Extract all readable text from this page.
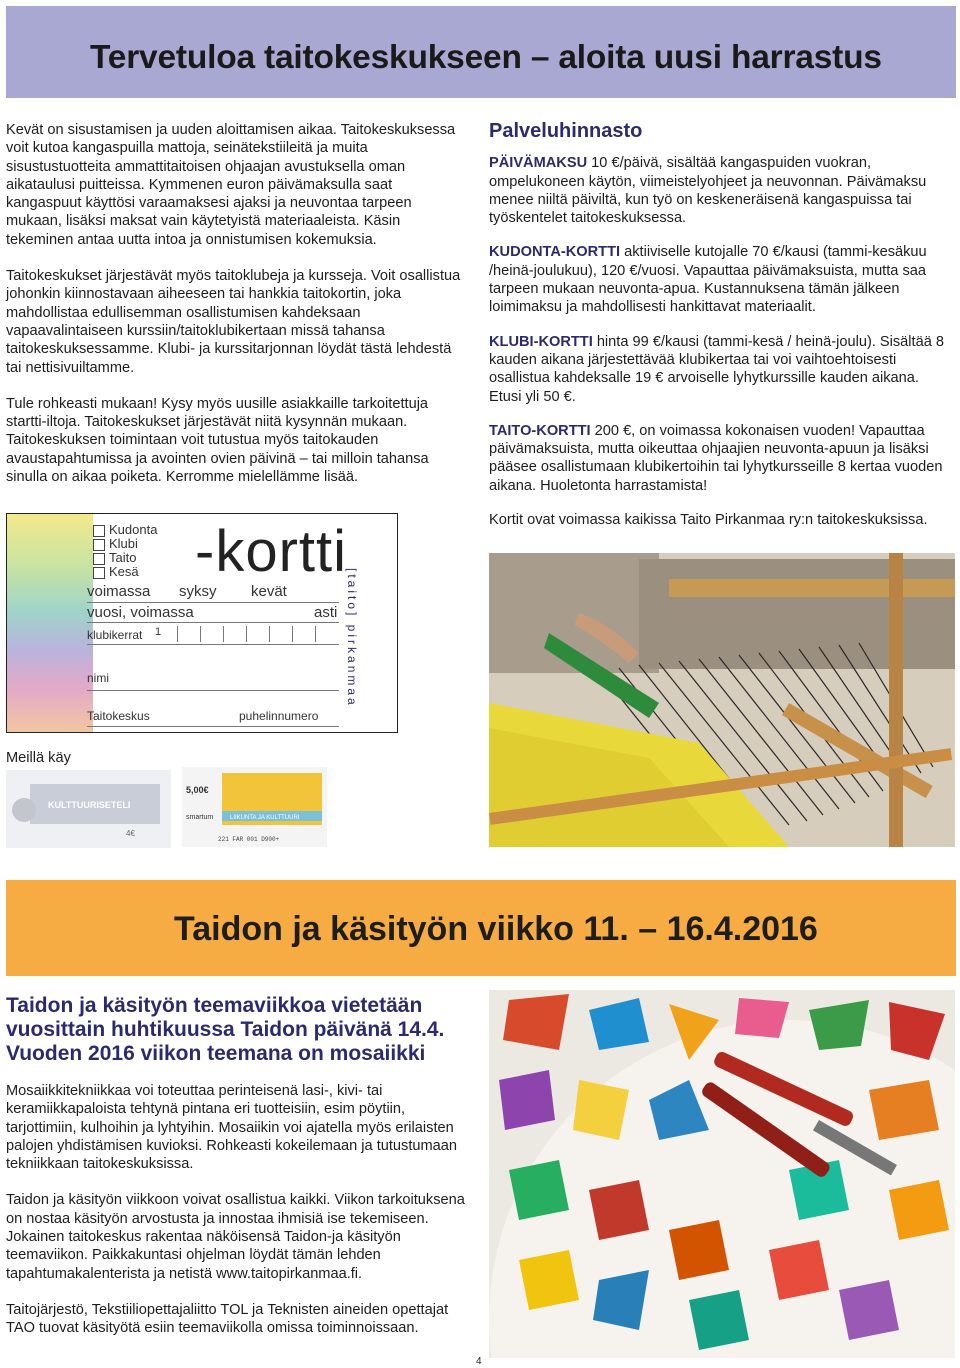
Tervetuloa taitokeskukseen – aloita uusi harrastus

Kevät on sisustamisen ja uuden aloittamisen aikaa. Taitokeskuksessa voit kutoa kangaspuilla mattoja, seinätekstiileitä ja muita sisustustuotteita ammattitaitoisen ohjaajan avustuksella oman aikataulusi puitteissa. Kymmenen euron päivämaksulla saat kangaspuut käyttösi varaamaksesi ajaksi ja neuvontaa tarpeen mukaan, lisäksi maksat vain käytetyistä materiaaleista. Käsin tekeminen antaa uutta intoa ja onnistumisen kokemuksia.

Taitokeskukset järjestävät myös taitoklubeja ja kursseja. Voit osallistua johonkin kiinnostavaan aiheeseen tai hankkia taitokortin, joka mahdollistaa edullisemman osallistumisen kahdeksaan vapaavalintaiseen kurssiin/taitoklubikertaan missä tahansa taitokeskuksessamme. Klubi- ja kurssitarjonnan löydät tästä lehdestä tai nettisivuiltamme.

Tule rohkeasti mukaan! Kysy myös uusille asiakkaille tarkoitettuja startti-iltoja. Taitokeskukset järjestävät niitä kysynnän mukaan. Taitokeskuksen toimintaan voit tutustua myös taitokauden avaustapahtumissa ja avointen ovien päivinä – tai milloin tahansa sinulla on aikaa poiketa. Kerromme mielellämme lisää.

Palveluhinnasto

PÄIVÄMAKSU 10 €/päivä, sisältää kangaspuiden vuokran, ompelukoneen käytön, viimeistelyohjeet ja neuvonnan. Päivämaksu menee niiltä päiviltä, kun työ on keskeneräisenä kangaspuissa tai työskentelet taitokeskuksessa.

KUDONTA-KORTTI aktiiviselle kutojalle 70 €/kausi (tammi-kesäkuu /heinä-joulukuu), 120 €/vuosi. Vapauttaa päivämaksuista, mutta saa tarpeen mukaan neuvonta-apua. Kustannuksena tämän jälkeen loimimaksu ja mahdollisesti hankittavat materiaalit.

KLUBI-KORTTI hinta 99 €/kausi (tammi-kesä / heinä-joulu). Sisältää 8 kauden aikana järjestettävää klubikertaa tai voi vaihtoehtoisesti osallistua kahdeksalle 19 € arvoiselle lyhytkurssille kauden aikana. Etusi yli 50 €.

TAITO-KORTTI 200 €, on voimassa kokonaisen vuoden! Vapauttaa päivämaksuista, mutta oikeuttaa ohjaajien neuvonta-apuun ja lisäksi pääsee osallistumaan klubikertoihin tai lyhytkursseille 8 kertaa vuoden aikana. Huoletonta harrastamista!

Kortit ovat voimassa kaikissa Taito Pirkanmaa ry:n taitokeskuksissa.

Kudonta
Klubi
Taito
Kesä -kortti
voimassa syksy kevät
vuosi, voimassa	asti
klubikerrat 1
nimi
Taitokeskus	puhelinnumero
[taito] pirkanmaa
Meillä käy
KULTTUURISETELI
4€
5,00€
smartum	LIIKUNTA JA KULTTUURI
221 FAR 001 D900+
Taidon ja käsityön viikko 11. – 16.4.2016
Taidon ja käsityön teemaviikkoa vietetään
vuosittain huhtikuussa Taidon päivänä 14.4.
Vuoden 2016 viikon teemana on mosaiikki

Mosaiikkitekniikkaa voi toteuttaa perinteisenä lasi-, kivi- tai keramiikkapaloista tehtynä pintana eri tuotteisiin, esim pöytiin, tarjottimiin, kulhoihin ja lyhtyihin. Mosaiikin voi ajatella myös erilaisten palojen yhdistämisen kuvioksi. Rohkeasti kokeilemaan ja tutustumaan tekniikkaan taitokeskuksissa.

Taidon ja käsityön viikkoon voivat osallistua kaikki. Viikon tarkoituksena on nostaa käsityön arvostusta ja innostaa ihmisiä ise tekemiseen. Jokainen taitokeskus rakentaa näköisensä Taidon-ja käsityön teemaviikon. Paikkakuntasi ohjelman löydät tämän lehden tapahtumakalenterista ja netistä www.taitopirkanmaa.fi.

Taitojärjestö, Tekstiiliopettajaliitto TOL ja Teknisten aineiden opettajat TAO tuovat käsityötä esiin teemaviikolla omissa toiminnoissaan.

4
